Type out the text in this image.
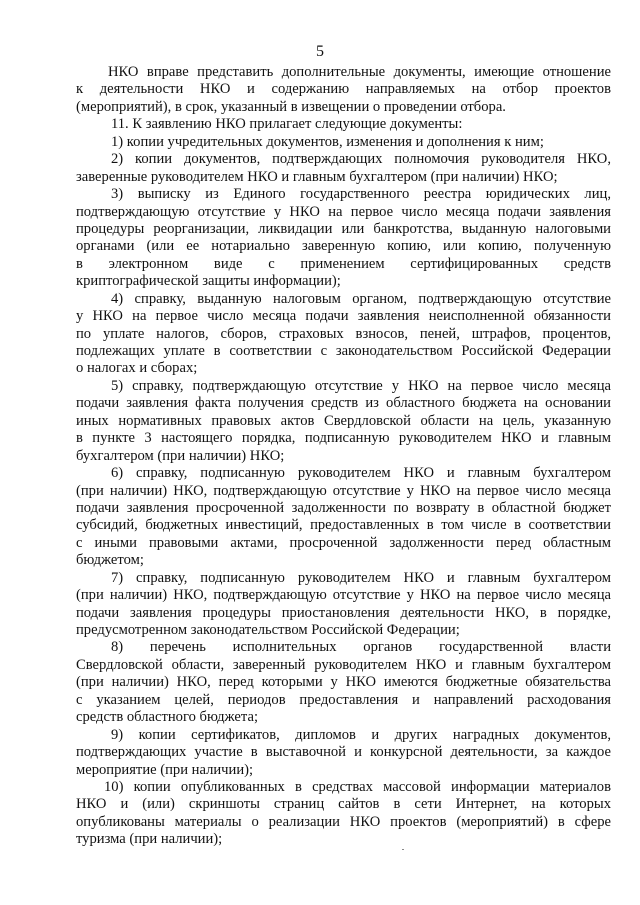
5
НКО вправе представить дополнительные документы, имеющие отношение
к деятельности НКО и содержанию направляемых на отбор проектов
(мероприятий), в срок, указанный в извещении о проведении отбора.
11. К заявлению НКО прилагает следующие документы:
1) копии учредительных документов, изменения и дополнения к ним;
2) копии документов, подтверждающих полномочия руководителя НКО,
заверенные руководителем НКО и главным бухгалтером (при наличии) НКО;
3) выписку из Единого государственного реестра юридических лиц,
подтверждающую отсутствие у НКО на первое число месяца подачи заявления
процедуры реорганизации, ликвидации или банкротства, выданную налоговыми
органами (или ее нотариально заверенную копию, или копию, полученную
в электронном виде с применением сертифицированных средств
криптографической защиты информации);
4) справку, выданную налоговым органом, подтверждающую отсутствие
у НКО на первое число месяца подачи заявления неисполненной обязанности
по уплате налогов, сборов, страховых взносов, пеней, штрафов, процентов,
подлежащих уплате в соответствии с законодательством Российской Федерации
о налогах и сборах;
5) справку, подтверждающую отсутствие у НКО на первое число месяца
подачи заявления факта получения средств из областного бюджета на основании
иных нормативных правовых актов Свердловской области на цель, указанную
в пункте 3 настоящего порядка, подписанную руководителем НКО и главным
бухгалтером (при наличии) НКО;
6) справку, подписанную руководителем НКО и главным бухгалтером
(при наличии) НКО, подтверждающую отсутствие у НКО на первое число месяца
подачи заявления просроченной задолженности по возврату в областной бюджет
субсидий, бюджетных инвестиций, предоставленных в том числе в соответствии
с иными правовыми актами, просроченной задолженности перед областным
бюджетом;
7) справку, подписанную руководителем НКО и главным бухгалтером
(при наличии) НКО, подтверждающую отсутствие у НКО на первое число месяца
подачи заявления процедуры приостановления деятельности НКО, в порядке,
предусмотренном законодательством Российской Федерации;
8) перечень исполнительных органов государственной власти
Свердловской области, заверенный руководителем НКО и главным бухгалтером
(при наличии) НКО, перед которыми у НКО имеются бюджетные обязательства
с указанием целей, периодов предоставления и направлений расходования
средств областного бюджета;
9) копии сертификатов, дипломов и других наградных документов,
подтверждающих участие в выставочной и конкурсной деятельности, за каждое
мероприятие (при наличии);
10) копии опубликованных в средствах массовой информации материалов
НКО и (или) скриншоты страниц сайтов в сети Интернет, на которых
опубликованы материалы о реализации НКО проектов (мероприятий) в сфере
туризма (при наличии);
